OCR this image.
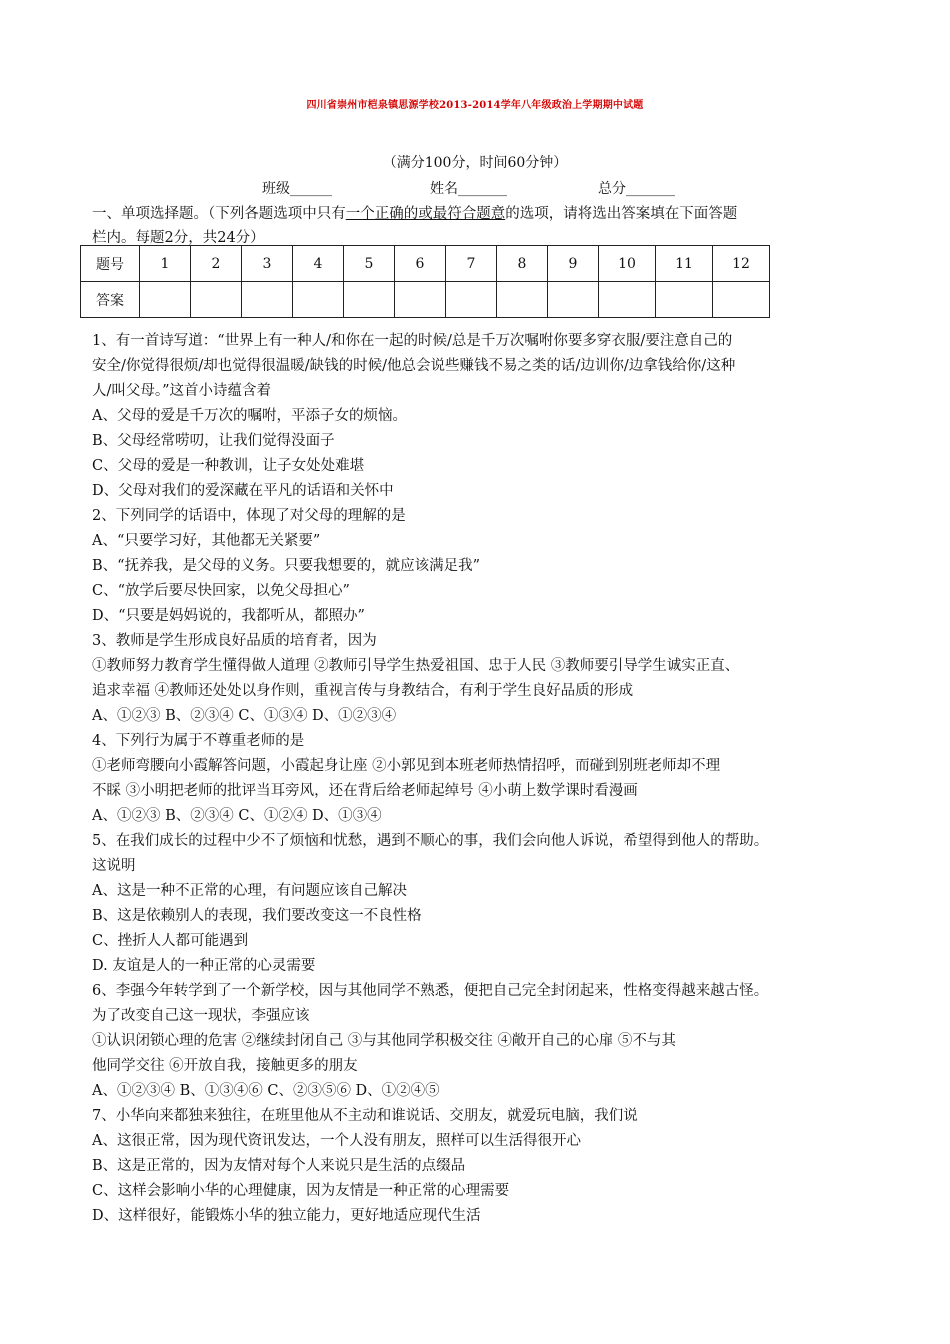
四川省崇州市桤泉镇思源学校2013-2014学年八年级政治上学期期中试题
（满分100分，时间60分钟）
班级______	姓名_______	总分_______
一、单项选择题。（下列各题选项中只有一个正确的或最符合题意的选项，请将选出答案填在下面答题
栏内。每题2分，共24分）
题号	1	2	3	4	5	6	7	8	9	10	11	12
答案												
1、有一首诗写道：“世界上有一种人/和你在一起的时候/总是千万次嘱咐你要多穿衣服/要注意自己的
安全/你觉得很烦/却也觉得很温暖/缺钱的时候/他总会说些赚钱不易之类的话/边训你/边拿钱给你/这种
人/叫父母。”这首小诗蕴含着
A、父母的爱是千万次的嘱咐，平添子女的烦恼。
B、父母经常唠叨，让我们觉得没面子
C、父母的爱是一种教训，让子女处处难堪
D、父母对我们的爱深藏在平凡的话语和关怀中
2、下列同学的话语中，体现了对父母的理解的是
A、“只要学习好，其他都无关紧要”
B、“抚养我，是父母的义务。只要我想要的，就应该满足我”
C、“放学后要尽快回家，以免父母担心”
D、“只要是妈妈说的，我都听从，都照办”
3、教师是学生形成良好品质的培育者，因为
①教师努力教育学生懂得做人道理 ②教师引导学生热爱祖国、忠于人民 ③教师要引导学生诚实正直、
追求幸福 ④教师还处处以身作则，重视言传与身教结合，有利于学生良好品质的形成
A、①②③ B、②③④ C、①③④ D、①②③④
4、下列行为属于不尊重老师的是
①老师弯腰向小霞解答问题，小霞起身让座 ②小郭见到本班老师热情招呼，而碰到别班老师却不理
不睬 ③小明把老师的批评当耳旁风，还在背后给老师起绰号 ④小萌上数学课时看漫画
A、①②③ B、②③④ C、①②④ D、①③④
5、在我们成长的过程中少不了烦恼和忧愁，遇到不顺心的事，我们会向他人诉说，希望得到他人的帮助。
这说明
A、这是一种不正常的心理，有问题应该自己解决
B、这是依赖别人的表现，我们要改变这一不良性格
C、挫折人人都可能遇到
D. 友谊是人的一种正常的心灵需要
6、李强今年转学到了一个新学校，因与其他同学不熟悉，便把自己完全封闭起来，性格变得越来越古怪。
为了改变自己这一现状，李强应该
①认识闭锁心理的危害 ②继续封闭自己 ③与其他同学积极交往 ④敞开自己的心扉 ⑤不与其
他同学交往 ⑥开放自我，接触更多的朋友
A、①②③④ B、①③④⑥ C、②③⑤⑥ D、①②④⑤
7、小华向来都独来独往，在班里他从不主动和谁说话、交朋友，就爱玩电脑，我们说
A、这很正常，因为现代资讯发达，一个人没有朋友，照样可以生活得很开心
B、这是正常的，因为友情对每个人来说只是生活的点缀品
C、这样会影响小华的心理健康，因为友情是一种正常的心理需要
D、这样很好，能锻炼小华的独立能力，更好地适应现代生活
